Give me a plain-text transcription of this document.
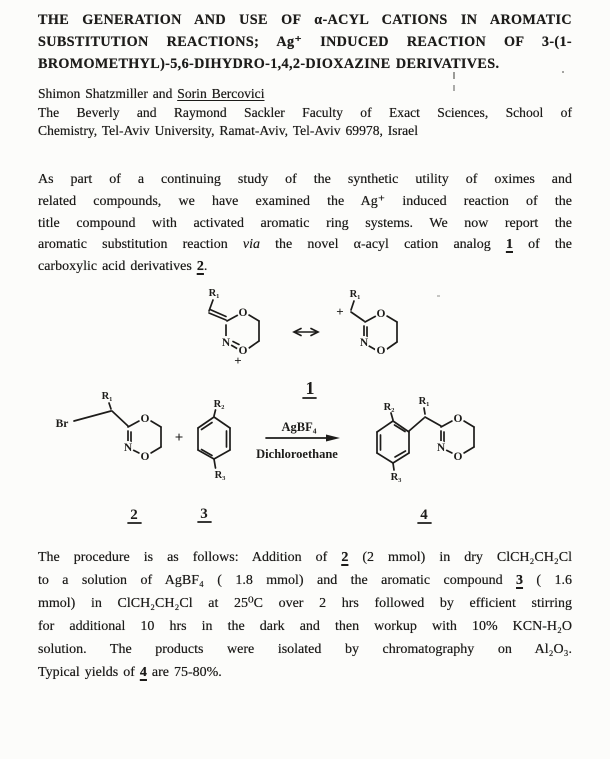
THE GENERATION AND USE OF α-ACYL CATIONS IN AROMATIC
SUBSTITUTION REACTIONS; Ag⁺ INDUCED REACTION OF 3-(1-
BROMOMETHYL)-5,6-DIHYDRO-1,4,2-DIOXAZINE DERIVATIVES.
Shimon Shatzmiller and Sorin Bercovici
The Beverly and Raymond Sackler Faculty of Exact Sciences, School of
Chemistry, Tel-Aviv University, Ramat-Aviv, Tel-Aviv 69978, Israel
As part of a continuing study of the synthetic utility of oximes and
related compounds, we have examined the Ag⁺ induced reaction of the
title compound with activated aromatic ring systems. We now report the
aromatic substitution reaction via the novel α-acyl cation analog 1 of the
carboxylic acid derivatives 2.
R₁
O
N
O
+
R₁
+	O
N
O
1
R₁
Br	O
N
O
+
R₂
R₃
AgBF₄
Dichloroethane
R₂
R₃
R₁
O
N
O
2	3	4
The procedure is as follows: Addition of 2 (2 mmol) in dry ClCH₂CH₂Cl
to a solution of AgBF₄ ( 1.8 mmol) and the aromatic compound 3 ( 1.6
mmol) in ClCH₂CH₂Cl at 25⁰C over 2 hrs followed by efficient stirring
for additional 10 hrs in the dark and then workup with 10% KCN-H₂O
solution. The products were isolated by chromatography on Al₂O₃.
Typical yields of 4 are 75-80%.
